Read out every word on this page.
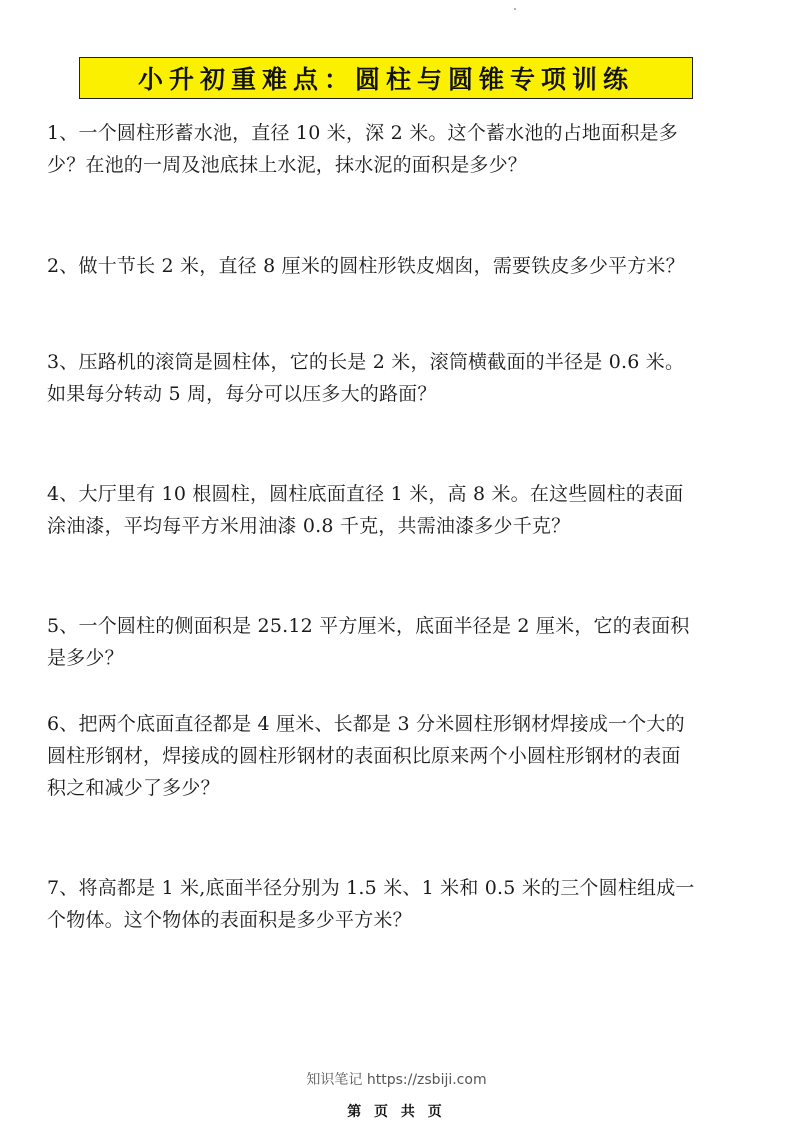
小升初重难点：圆柱与圆锥专项训练
1、一个圆柱形蓄水池，直径 10 米，深 2 米。这个蓄水池的占地面积是多
少？在池的一周及池底抹上水泥，抹水泥的面积是多少？
2、做十节长 2 米，直径 8 厘米的圆柱形铁皮烟囱，需要铁皮多少平方米？
3、压路机的滚筒是圆柱体，它的长是 2 米，滚筒横截面的半径是 0.6 米。
如果每分转动 5 周，每分可以压多大的路面？
4、大厅里有 10 根圆柱，圆柱底面直径 1 米，高 8 米。在这些圆柱的表面
涂油漆，平均每平方米用油漆 0.8 千克，共需油漆多少千克？
5、一个圆柱的侧面积是 25.12 平方厘米，底面半径是 2 厘米，它的表面积
是多少？
6、把两个底面直径都是 4 厘米、长都是 3 分米圆柱形钢材焊接成一个大的
圆柱形钢材，焊接成的圆柱形钢材的表面积比原来两个小圆柱形钢材的表面
积之和减少了多少？
7、将高都是 1 米,底面半径分别为 1.5 米、1 米和 0.5 米的三个圆柱组成一
个物体。这个物体的表面积是多少平方米？
知识笔记 https://zsbiji.com
第 页 共 页
